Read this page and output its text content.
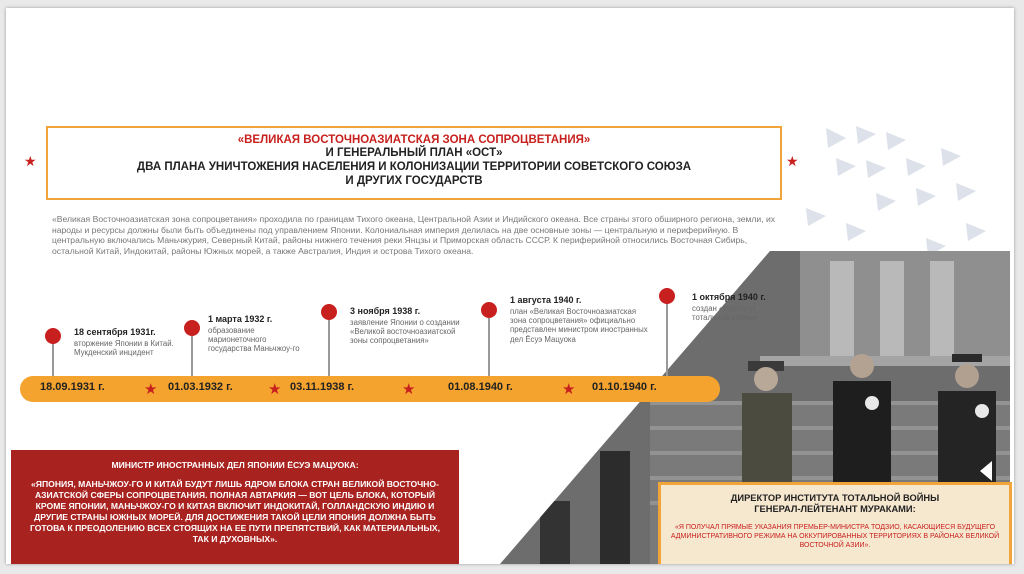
★	★
«ВЕЛИКАЯ ВОСТОЧНОАЗИАТСКАЯ ЗОНА СОПРОЦВЕТАНИЯ»
И ГЕНЕРАЛЬНЫЙ ПЛАН «ОСТ»
ДВА ПЛАНА УНИЧТОЖЕНИЯ НАСЕЛЕНИЯ И КОЛОНИЗАЦИИ ТЕРРИТОРИИ СОВЕТСКОГО СОЮЗА
И ДРУГИХ ГОСУДАРСТВ
«Великая Восточноазиатская зона сопроцветания» проходила по границам Тихого океана, Центральной Азии и Индийского океана. Все страны этого обширного региона, земли, их народы и ресурсы должны были быть объединены под управлением Японии. Колониальная империя делилась на две основные зоны — центральную и периферийную. В центральную включались Маньчжурия, Северный Китай, районы нижнего течения реки Янцзы и Приморская область СССР. К периферийной относились Восточная Сибирь, остальной Китай, Индокитай, районы Южных морей, а также Австралия, Индия и острова Тихого океана.
18 сентября 1931г.
вторжение Японии в Китай. Мукденский инцидент
1 марта 1932 г.
образование марионеточного государства Маньчжоу-го
3 ноября 1938 г.
заявление Японии о создании «Великой восточноазиатской зоны сопроцветания»
1 августа 1940 г.
план «Великая Восточноазиатская зона сопроцветания» официально представлен министром иностранных дел Ёсуэ Мацуока
1 октября 1940 г.
создан «Институт тотальной войны»
18.09.1931 г.	★ 01.03.1932 г. ★ 03.11.1938 г.	★	01.08.1940 г.	★ 01.10.1940 г.
МИНИСТР ИНОСТРАННЫХ ДЕЛ ЯПОНИИ ЁСУЭ МАЦУОКА:
«ЯПОНИЯ, МАНЬЧЖОУ-ГО И КИТАЙ БУДУТ ЛИШЬ ЯДРОМ БЛОКА СТРАН ВЕЛИКОЙ ВОСТОЧНО-АЗИАТСКОЙ СФЕРЫ СОПРОЦВЕТАНИЯ. ПОЛНАЯ АВТАРКИЯ — ВОТ ЦЕЛЬ БЛОКА, КОТОРЫЙ КРОМЕ ЯПОНИИ, МАНЬЧЖОУ-ГО И КИТАЯ ВКЛЮЧИТ ИНДОКИТАЙ, ГОЛЛАНДСКУЮ ИНДИЮ И ДРУГИЕ СТРАНЫ ЮЖНЫХ МОРЕЙ. ДЛЯ ДОСТИЖЕНИЯ ТАКОЙ ЦЕЛИ ЯПОНИЯ ДОЛЖНА БЫТЬ ГОТОВА К ПРЕОДОЛЕНИЮ ВСЕХ СТОЯЩИХ НА ЕЕ ПУТИ ПРЕПЯТСТВИЙ, КАК МАТЕРИАЛЬНЫХ, ТАК И ДУХОВНЫХ».
ДИРЕКТОР ИНСТИТУТА ТОТАЛЬНОЙ ВОЙНЫ
ГЕНЕРАЛ-ЛЕЙТЕНАНТ МУРАКАМИ:
«Я ПОЛУЧАЛ ПРЯМЫЕ УКАЗАНИЯ ПРЕМЬЕР-МИНИСТРА ТОДЗИО, КАСАЮЩИЕСЯ БУДУЩЕГО АДМИНИСТРАТИВНОГО РЕЖИМА НА ОККУПИРОВАННЫХ ТЕРРИТОРИЯХ В РАЙОНАХ ВЕЛИКОЙ ВОСТОЧНОЙ АЗИИ».
